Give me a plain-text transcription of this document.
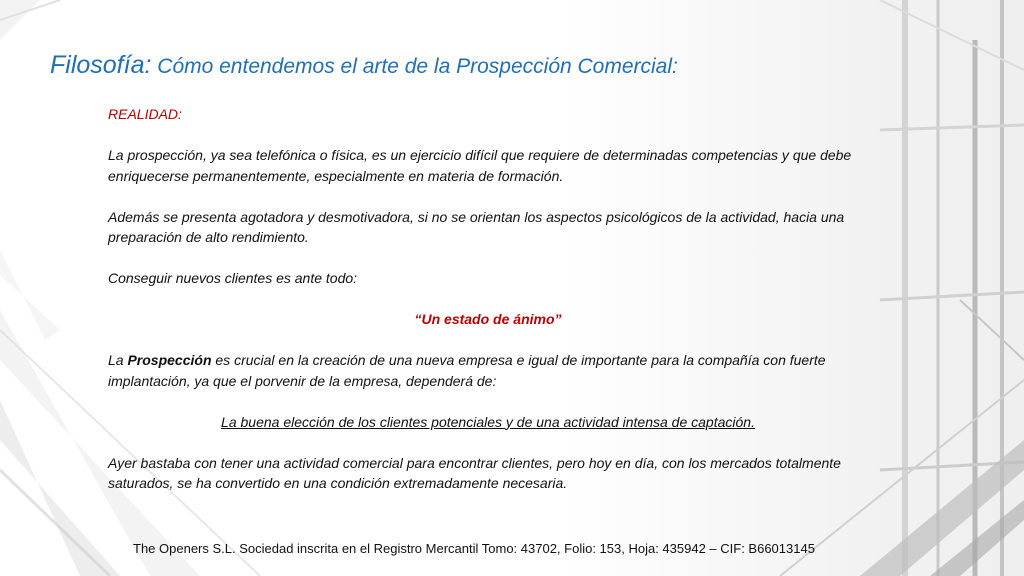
Filosofía: Cómo entendemos el arte de la Prospección Comercial:

REALIDAD:

La prospección, ya sea telefónica o física, es un ejercicio difícil que requiere de determinadas competencias y que debe enriquecerse permanentemente, especialmente en materia de formación.

Además se presenta agotadora y desmotivadora, si no se orientan los aspectos psicológicos de la actividad, hacia una preparación de alto rendimiento.

Conseguir nuevos clientes es ante todo:

“Un estado de ánimo”

La Prospección es crucial en la creación de una nueva empresa e igual de importante para la compañía con fuerte implantación, ya que el porvenir de la empresa, dependerá de:

La buena elección de los clientes potenciales y de una actividad intensa de captación.

Ayer bastaba con tener una actividad comercial para encontrar clientes, pero hoy en día, con los mercados totalmente saturados, se ha convertido en una condición extremadamente necesaria.

The Openers S.L. Sociedad inscrita en el Registro Mercantil Tomo: 43702, Folio: 153, Hoja: 435942 – CIF: B66013145
